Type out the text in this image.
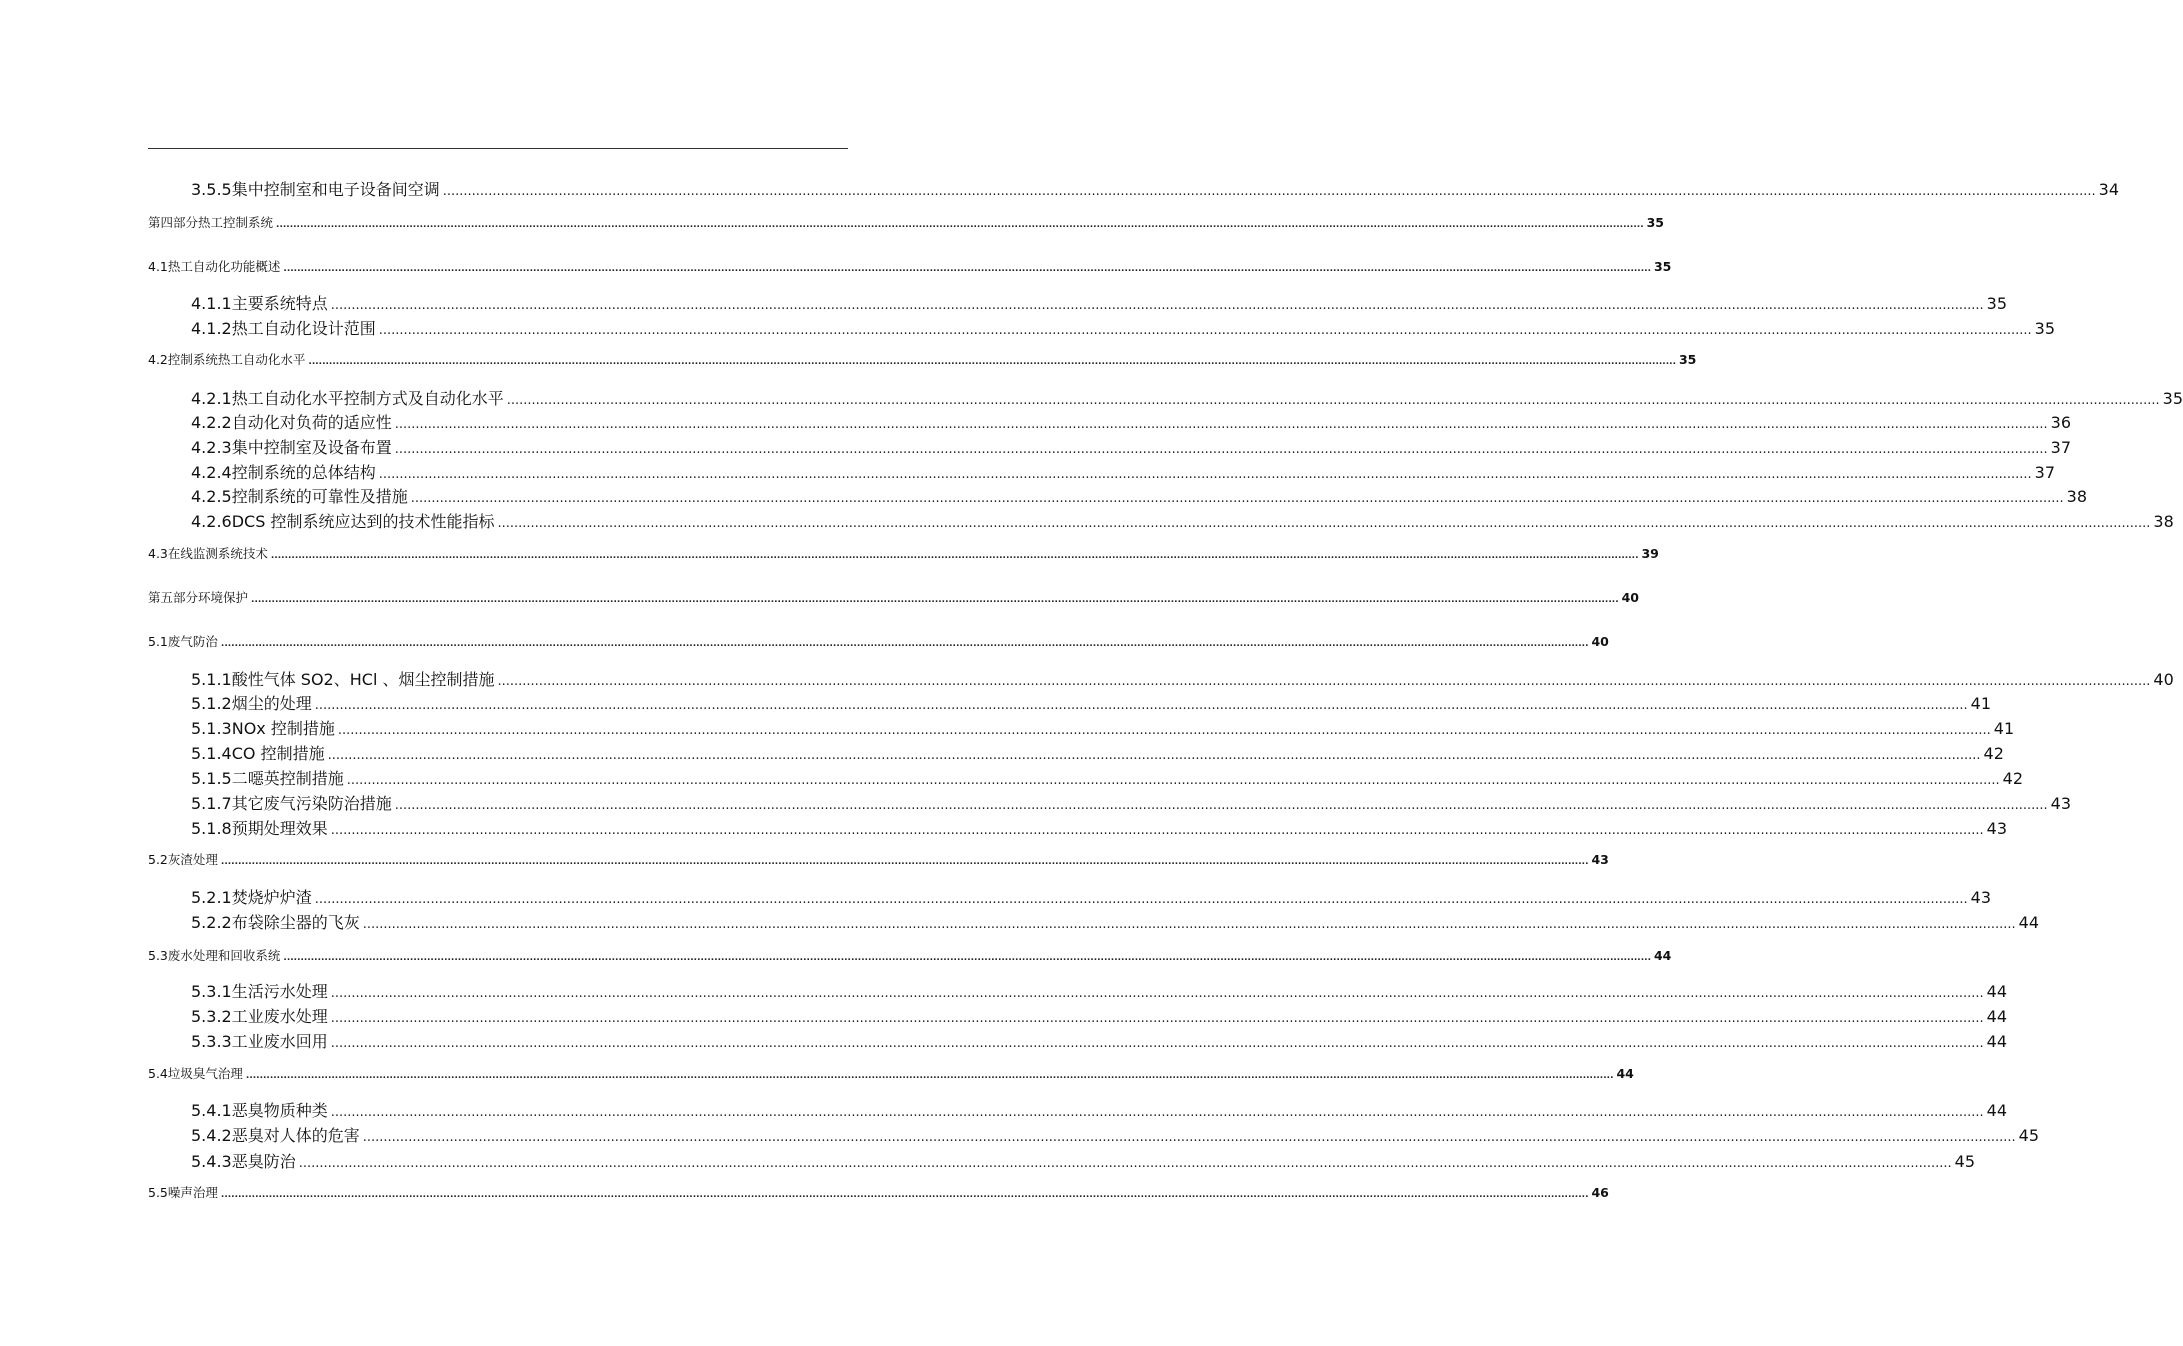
3.5.5 集中控制室和电子设备间空调 ................................................................................................................................................................................................................................................................................................................................................................................................................ 34
第四部分 热工控制系统 ................................................................................................................................................................................................................................................................................................................................................................................................................ 35
4.1 热工自动化功能概述 ................................................................................................................................................................................................................................................................................................................................................................................................................ 35
4.1.1 主要系统特点 ................................................................................................................................................................................................................................................................................................................................................................................................................ 35
4.1.2 热工自动化设计范围 ................................................................................................................................................................................................................................................................................................................................................................................................................ 35
4.2 控制系统热工自动化水平 ................................................................................................................................................................................................................................................................................................................................................................................................................ 35
4.2.1 热工自动化水平控制方式及自动化水平 ................................................................................................................................................................................................................................................................................................................................................................................................................ 35
4.2.2 自动化对负荷的适应性 ................................................................................................................................................................................................................................................................................................................................................................................................................ 36
4.2.3 集中控制室及设备布置 ................................................................................................................................................................................................................................................................................................................................................................................................................ 37
4.2.4 控制系统的总体结构 ................................................................................................................................................................................................................................................................................................................................................................................................................ 37
4.2.5 控制系统的可靠性及措施 ................................................................................................................................................................................................................................................................................................................................................................................................................ 38
4.2.6 DCS 控制系统应达到的技术性能指标 ................................................................................................................................................................................................................................................................................................................................................................................................................ 38
4.3 在线监测系统技术 ................................................................................................................................................................................................................................................................................................................................................................................................................ 39
第五部分 环境保护 ................................................................................................................................................................................................................................................................................................................................................................................................................ 40
5.1 废气防治 ................................................................................................................................................................................................................................................................................................................................................................................................................ 40
5.1.1 酸性气体 SO2、HCl 、烟尘控制措施 ................................................................................................................................................................................................................................................................................................................................................................................................................ 40
5.1.2 烟尘的处理 ................................................................................................................................................................................................................................................................................................................................................................................................................ 41
5.1.3 NOx 控制措施 ................................................................................................................................................................................................................................................................................................................................................................................................................ 41
5.1.4 CO 控制措施 ................................................................................................................................................................................................................................................................................................................................................................................................................ 42
5.1.5 二噁英控制措施 ................................................................................................................................................................................................................................................................................................................................................................................................................ 42
5.1.7 其它废气污染防治措施 ................................................................................................................................................................................................................................................................................................................................................................................................................ 43
5.1.8 预期处理效果 ................................................................................................................................................................................................................................................................................................................................................................................................................ 43
5.2 灰渣处理 ................................................................................................................................................................................................................................................................................................................................................................................................................ 43
5.2.1 焚烧炉炉渣 ................................................................................................................................................................................................................................................................................................................................................................................................................ 43
5.2.2 布袋除尘器的飞灰 ................................................................................................................................................................................................................................................................................................................................................................................................................ 44
5.3 废水处理和回收系统 ................................................................................................................................................................................................................................................................................................................................................................................................................ 44
5.3.1 生活污水处理 ................................................................................................................................................................................................................................................................................................................................................................................................................ 44
5.3.2 工业废水处理 ................................................................................................................................................................................................................................................................................................................................................................................................................ 44
5.3.3 工业废水回用 ................................................................................................................................................................................................................................................................................................................................................................................................................ 44
5.4 垃圾臭气治理 ................................................................................................................................................................................................................................................................................................................................................................................................................ 44
5.4.1 恶臭物质种类 ................................................................................................................................................................................................................................................................................................................................................................................................................ 44
5.4.2 恶臭对人体的危害 ................................................................................................................................................................................................................................................................................................................................................................................................................ 45
5.4.3 恶臭防治 ................................................................................................................................................................................................................................................................................................................................................................................................................ 45
5.5 噪声治理 ................................................................................................................................................................................................................................................................................................................................................................................................................ 46
